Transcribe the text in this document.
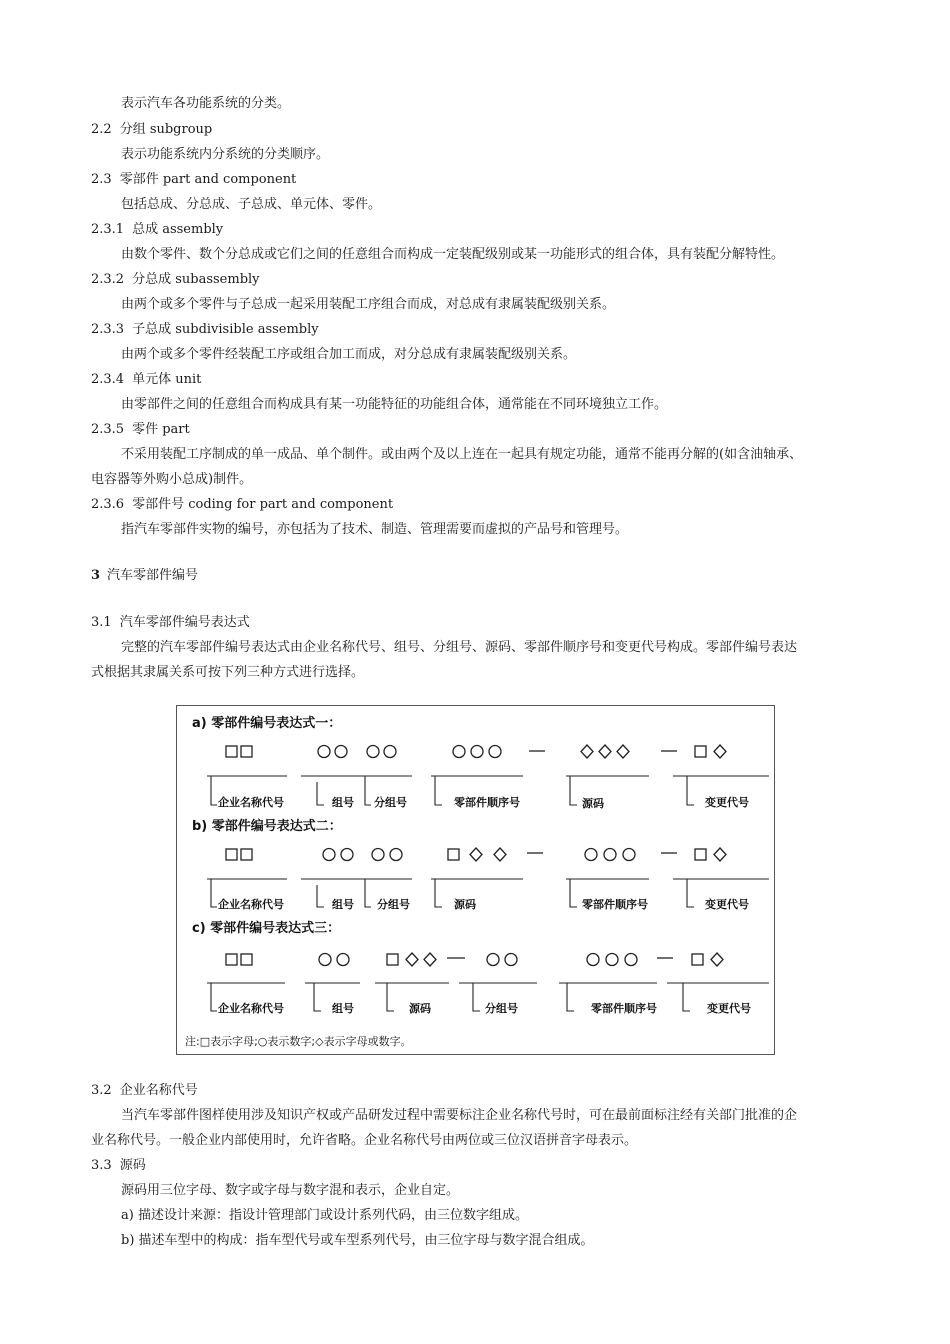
表示汽车各功能系统的分类。
2.2 分组 subgroup
表示功能系统内分系统的分类顺序。
2.3 零部件 part and component
包括总成、分总成、子总成、单元体、零件。
2.3.1 总成 assembly
由数个零件、数个分总成或它们之间的任意组合而构成一定装配级别或某一功能形式的组合体，具有装配分解特性。
2.3.2 分总成 subassembly
由两个或多个零件与子总成一起采用装配工序组合而成，对总成有隶属装配级别关系。
2.3.3 子总成 subdivisible assembly
由两个或多个零件经装配工序或组合加工而成，对分总成有隶属装配级别关系。
2.3.4 单元体 unit
由零部件之间的任意组合而构成具有某一功能特征的功能组合体，通常能在不同环境独立工作。
2.3.5 零件 part
不采用装配工序制成的单一成品、单个制件。或由两个及以上连在一起具有规定功能，通常不能再分解的(如含油轴承、
电容器等外购小总成)制件。
2.3.6 零部件号 coding for part and component
指汽车零部件实物的编号，亦包括为了技术、制造、管理需要而虚拟的产品号和管理号。
3 汽车零部件编号
3.1 汽车零部件编号表达式
完整的汽车零部件编号表达式由企业名称代号、组号、分组号、源码、零部件顺序号和变更代号构成。零部件编号表达
式根据其隶属关系可按下列三种方式进行选择。
a) 零部件编号表达式一：
b) 零部件编号表达式二：
c) 零部件编号表达式三：
企业名称代号	组号 分组号	零部件顺序号	源码	变更代号
企业名称代号	组号 分组号	源码	零部件顺序号	变更代号
企业名称代号	组号	源码	分组号	零部件顺序号	变更代号
注:□表示字母;○表示数字;◇表示字母或数字。
3.2 企业名称代号
当汽车零部件图样使用涉及知识产权或产品研发过程中需要标注企业名称代号时，可在最前面标注经有关部门批准的企
业名称代号。一般企业内部使用时，允许省略。企业名称代号由两位或三位汉语拼音字母表示。
3.3 源码
源码用三位字母、数字或字母与数字混和表示，企业自定。
a) 描述设计来源：指设计管理部门或设计系列代码，由三位数字组成。
b) 描述车型中的构成：指车型代号或车型系列代号，由三位字母与数字混合组成。
